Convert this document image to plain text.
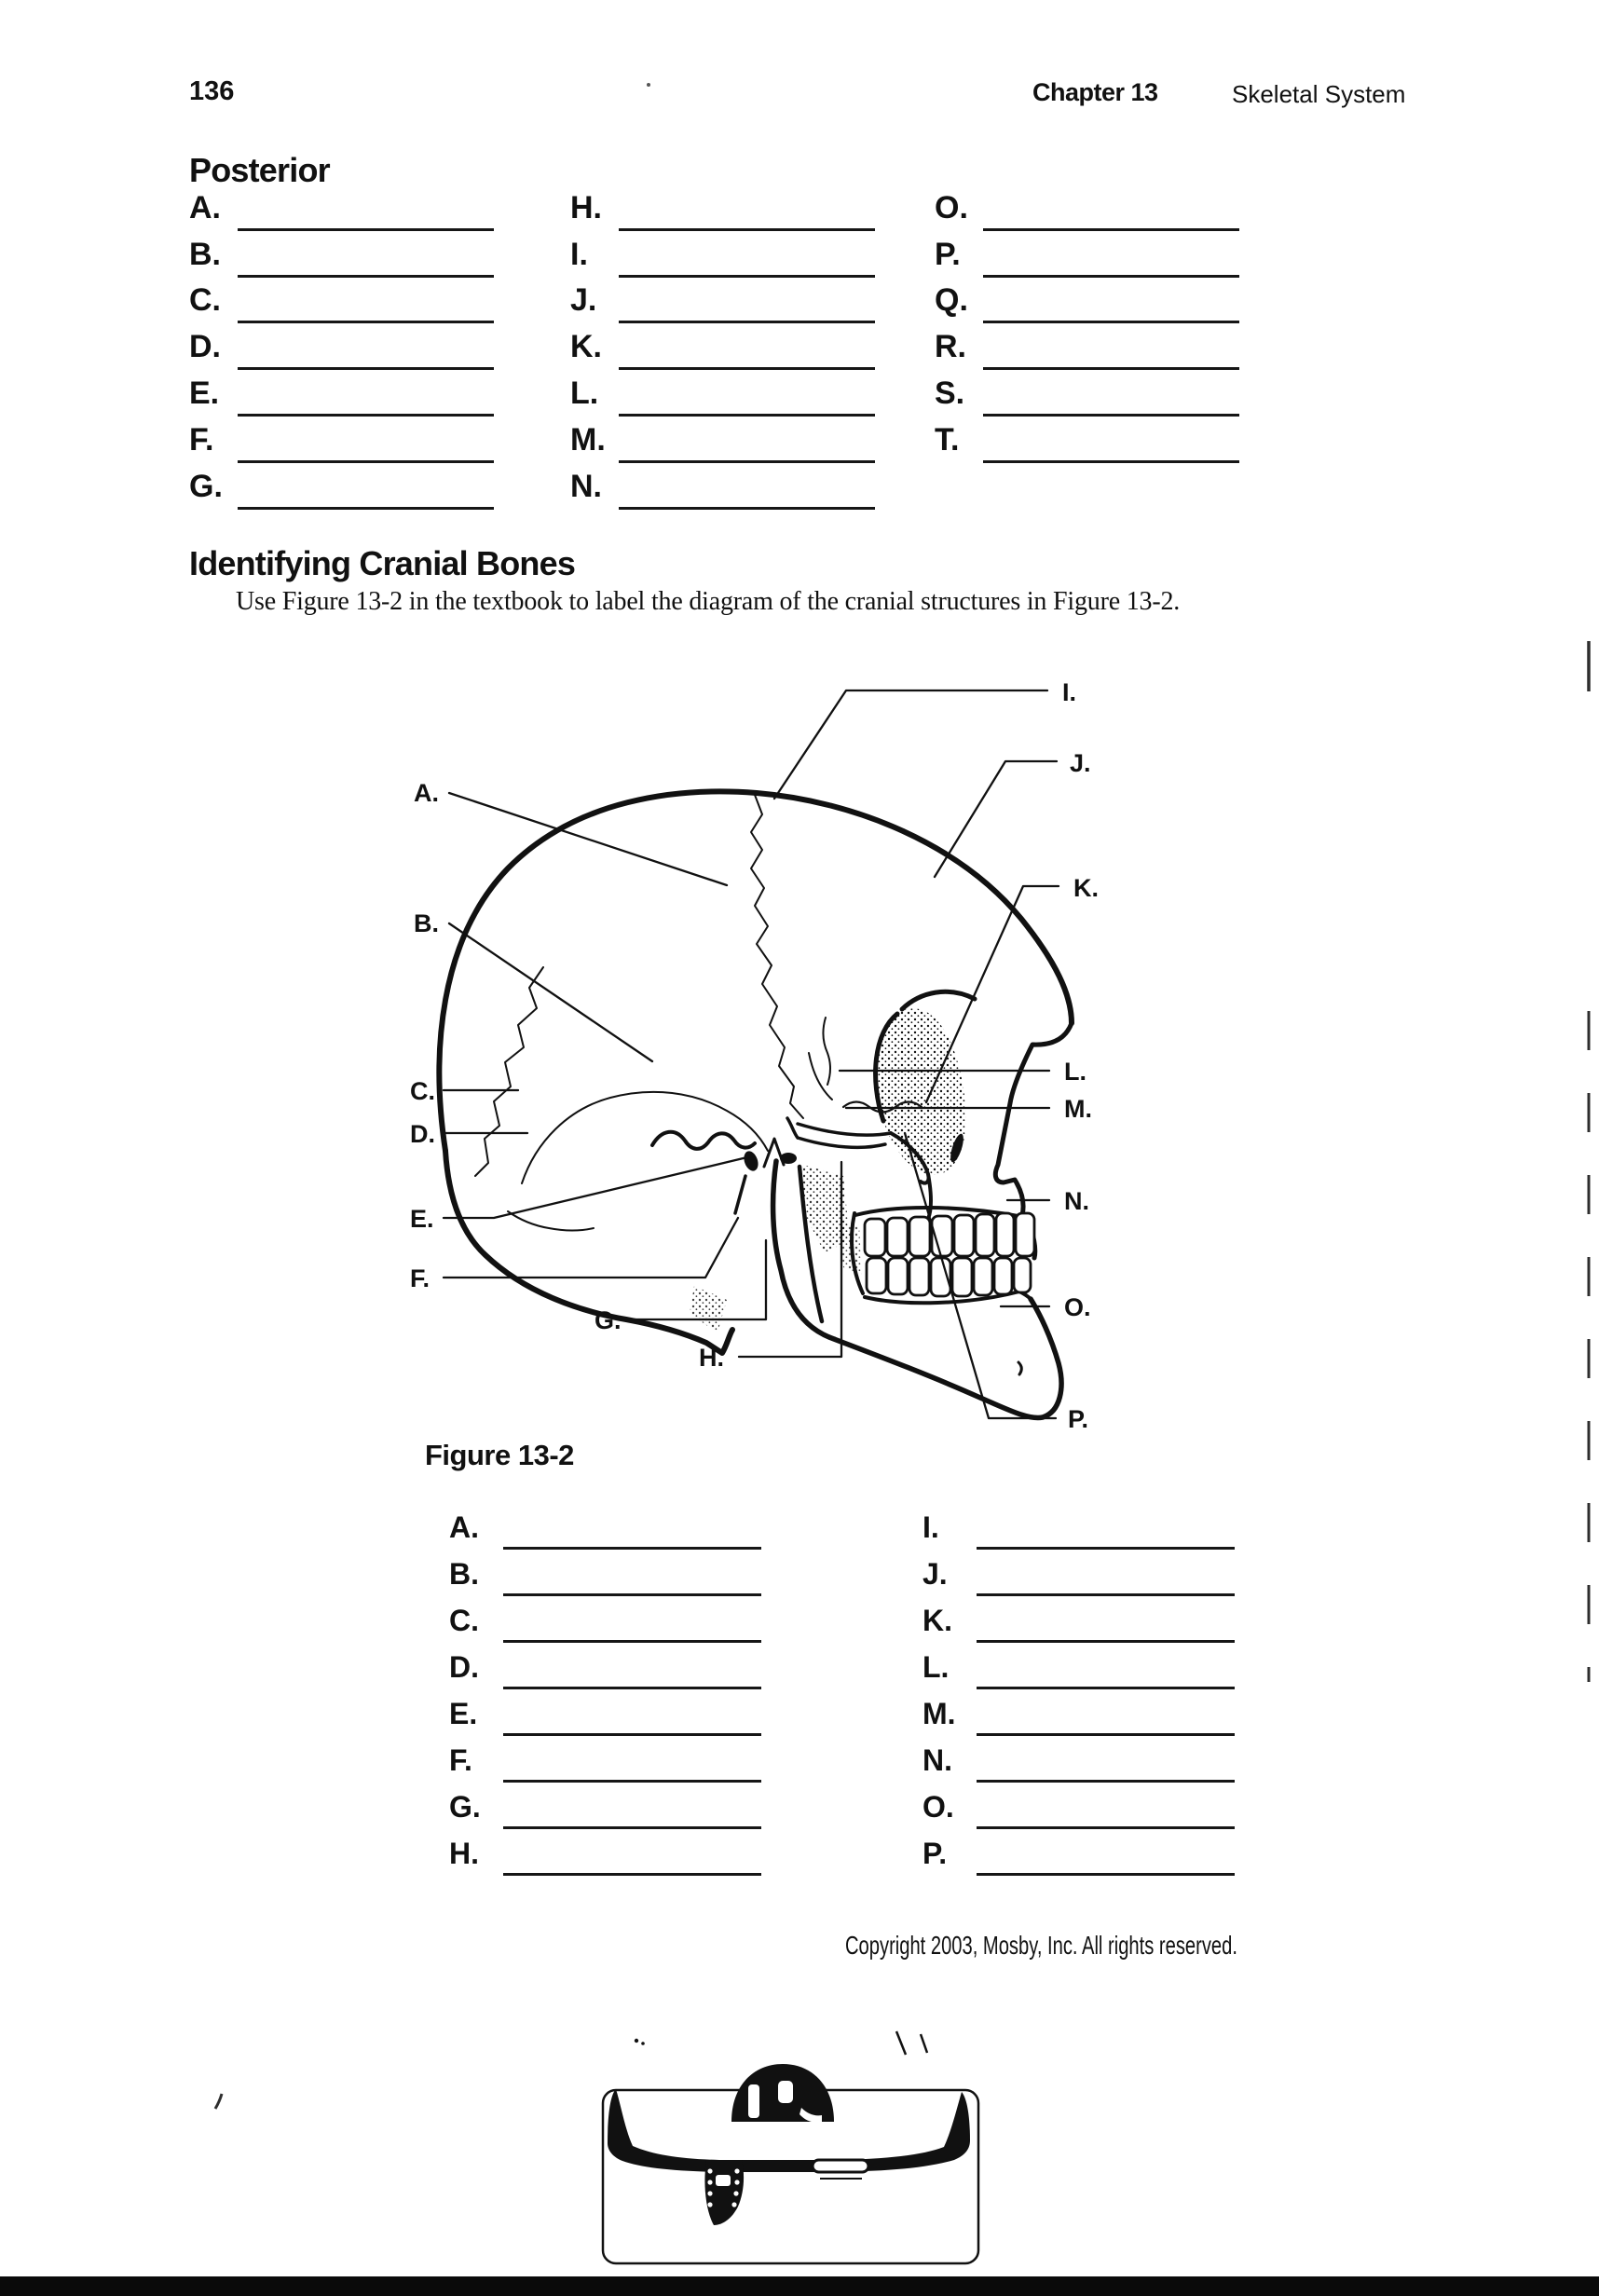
136	Chapter 13	Skeletal System
Posterior
Identifying Cranial Bones
Use Figure 13-2 in the textbook to label the diagram of the cranial structures in Figure 13-2.
Figure 13-2
Copyright 2003, Mosby, Inc. All rights reserved.
A.
B.
C.
D.
E.
F.
G.
H.
I.
J.
K.
L.
M.
N.
O.
P.
Q.
R.
S.
T.
A.
B.
C.
D.
E.
F.
G.
H.
I.
J.
K.
L.
M.
N.
O.
P.
A.
B.
C.
D.
E.
F.
G.
H.
I.
J.
K.
L.
M.
N.
O.
P.
